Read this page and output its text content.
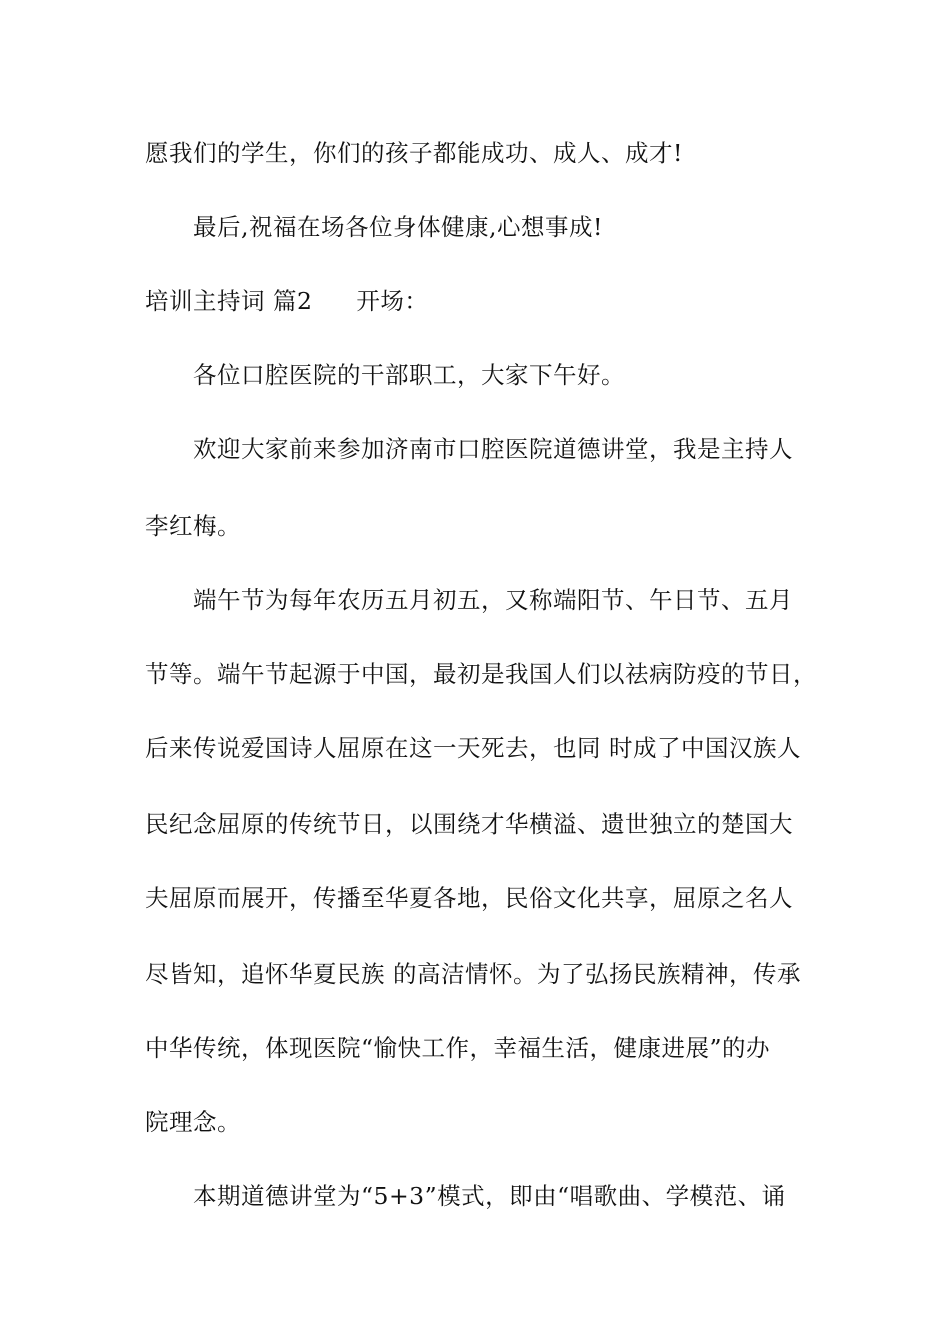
愿我们的学生，你们的孩子都能成功、成人、成才!
最后,祝福在场各位身体健康,心想事成!
培训主持词 篇2 开场：
各位口腔医院的干部职工，大家下午好。
欢迎大家前来参加济南市口腔医院道德讲堂，我是主持人
李红梅。
端午节为每年农历五月初五，又称端阳节、午日节、五月
节等。端午节起源于中国，最初是我国人们以祛病防疫的节日，
后来传说爱国诗人屈原在这一天死去，也同 时成了中国汉族人
民纪念屈原的传统节日，以围绕才华横溢、遗世独立的楚国大
夫屈原而展开，传播至华夏各地，民俗文化共享，屈原之名人
尽皆知，追怀华夏民族 的高洁情怀。为了弘扬民族精神，传承
中华传统，体现医院“愉快工作，幸福生活，健康进展”的办
院理念。
本期道德讲堂为“5+3”模式，即由“唱歌曲、学模范、诵
